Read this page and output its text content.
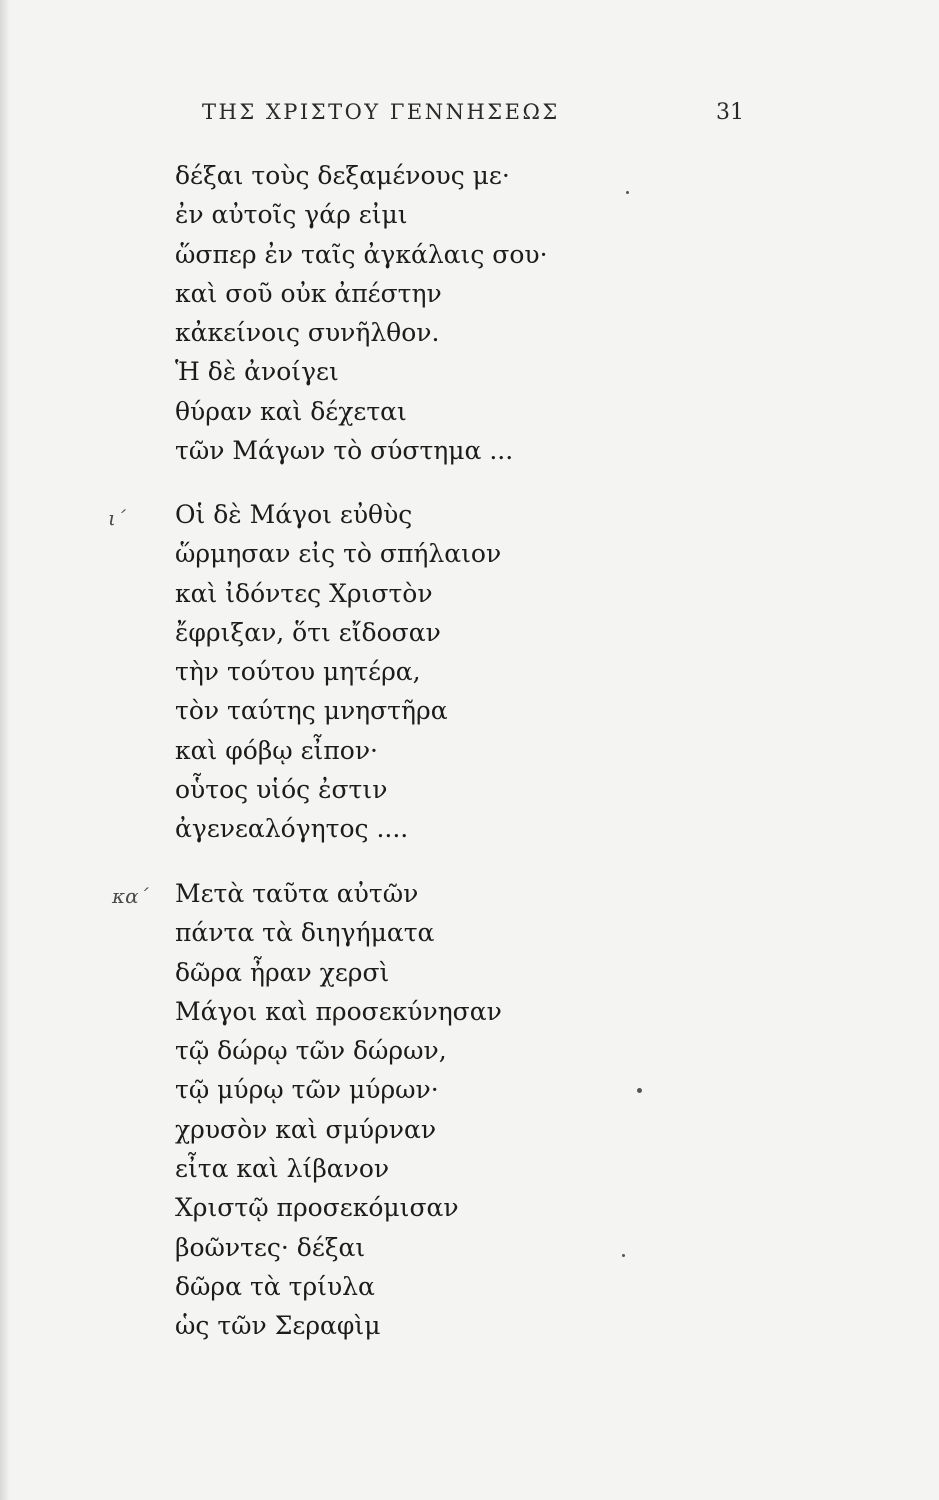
ΤΗΣ ΧΡΙΣΤΟΥ ΓΕΝΝΗΣΕΩΣ	31
δέξαι τοὺς δεξαμένους με·
ἐν αὐτοῖς γάρ εἰμι
ὥσπερ ἐν ταῖς ἀγκάλαις σου·
καὶ σοῦ οὐκ ἀπέστην
κἀκείνοις συνῆλθον.
Ἡ δὲ ἀνοίγει
θύραν καὶ δέχεται
τῶν Μάγων τὸ σύστημα ...
ι΄ Οἱ δὲ Μάγοι εὐθὺς
ὥρμησαν εἰς τὸ σπήλαιον
καὶ ἰδόντες Χριστὸν
ἔφριξαν, ὅτι εἴδοσαν
τὴν τούτου μητέρα,
τὸν ταύτης μνηστῆρα
καὶ φόβῳ εἶπον·
οὗτος υἱός ἐστιν
ἀγενεαλόγητος ....
κα΄ Μετὰ ταῦτα αὐτῶν
πάντα τὰ διηγήματα
δῶρα ἦραν χερσὶ
Μάγοι καὶ προσεκύνησαν
τῷ δώρῳ τῶν δώρων,
τῷ μύρῳ τῶν μύρων·
χρυσὸν καὶ σμύρναν
εἶτα καὶ λίβανον
Χριστῷ προσεκόμισαν
βοῶντες· δέξαι
δῶρα τὰ τρίυλα
ὡς τῶν Σεραφὶμ
